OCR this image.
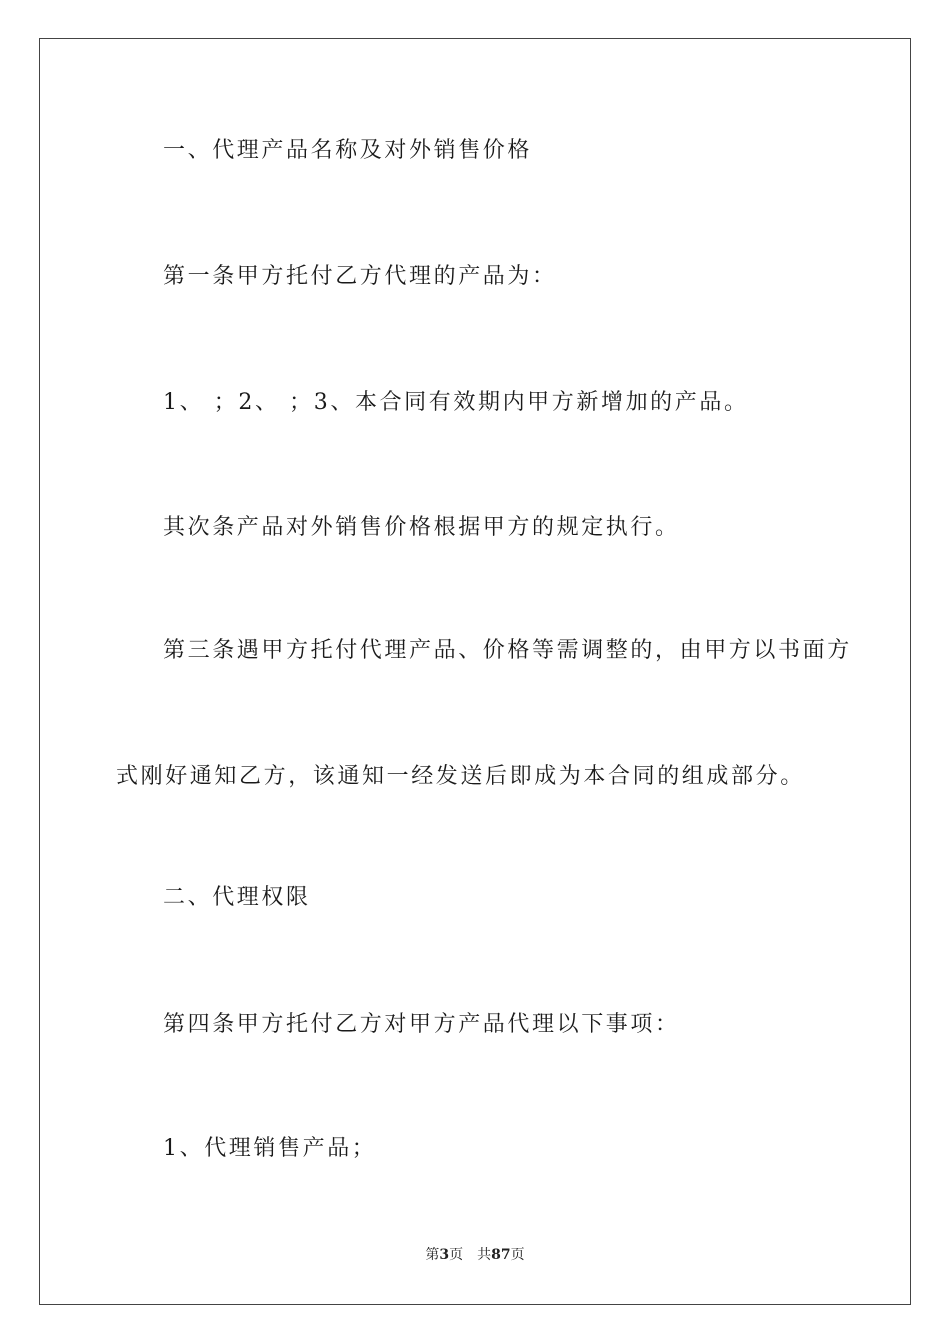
一、代理产品名称及对外销售价格
第一条甲方托付乙方代理的产品为：
1、 ；2、 ；3、本合同有效期内甲方新增加的产品。
其次条产品对外销售价格根据甲方的规定执行。
第三条遇甲方托付代理产品、价格等需调整的，由甲方以书面方
式刚好通知乙方，该通知一经发送后即成为本合同的组成部分。
二、代理权限
第四条甲方托付乙方对甲方产品代理以下事项：
1、代理销售产品；
第3页 共87页
